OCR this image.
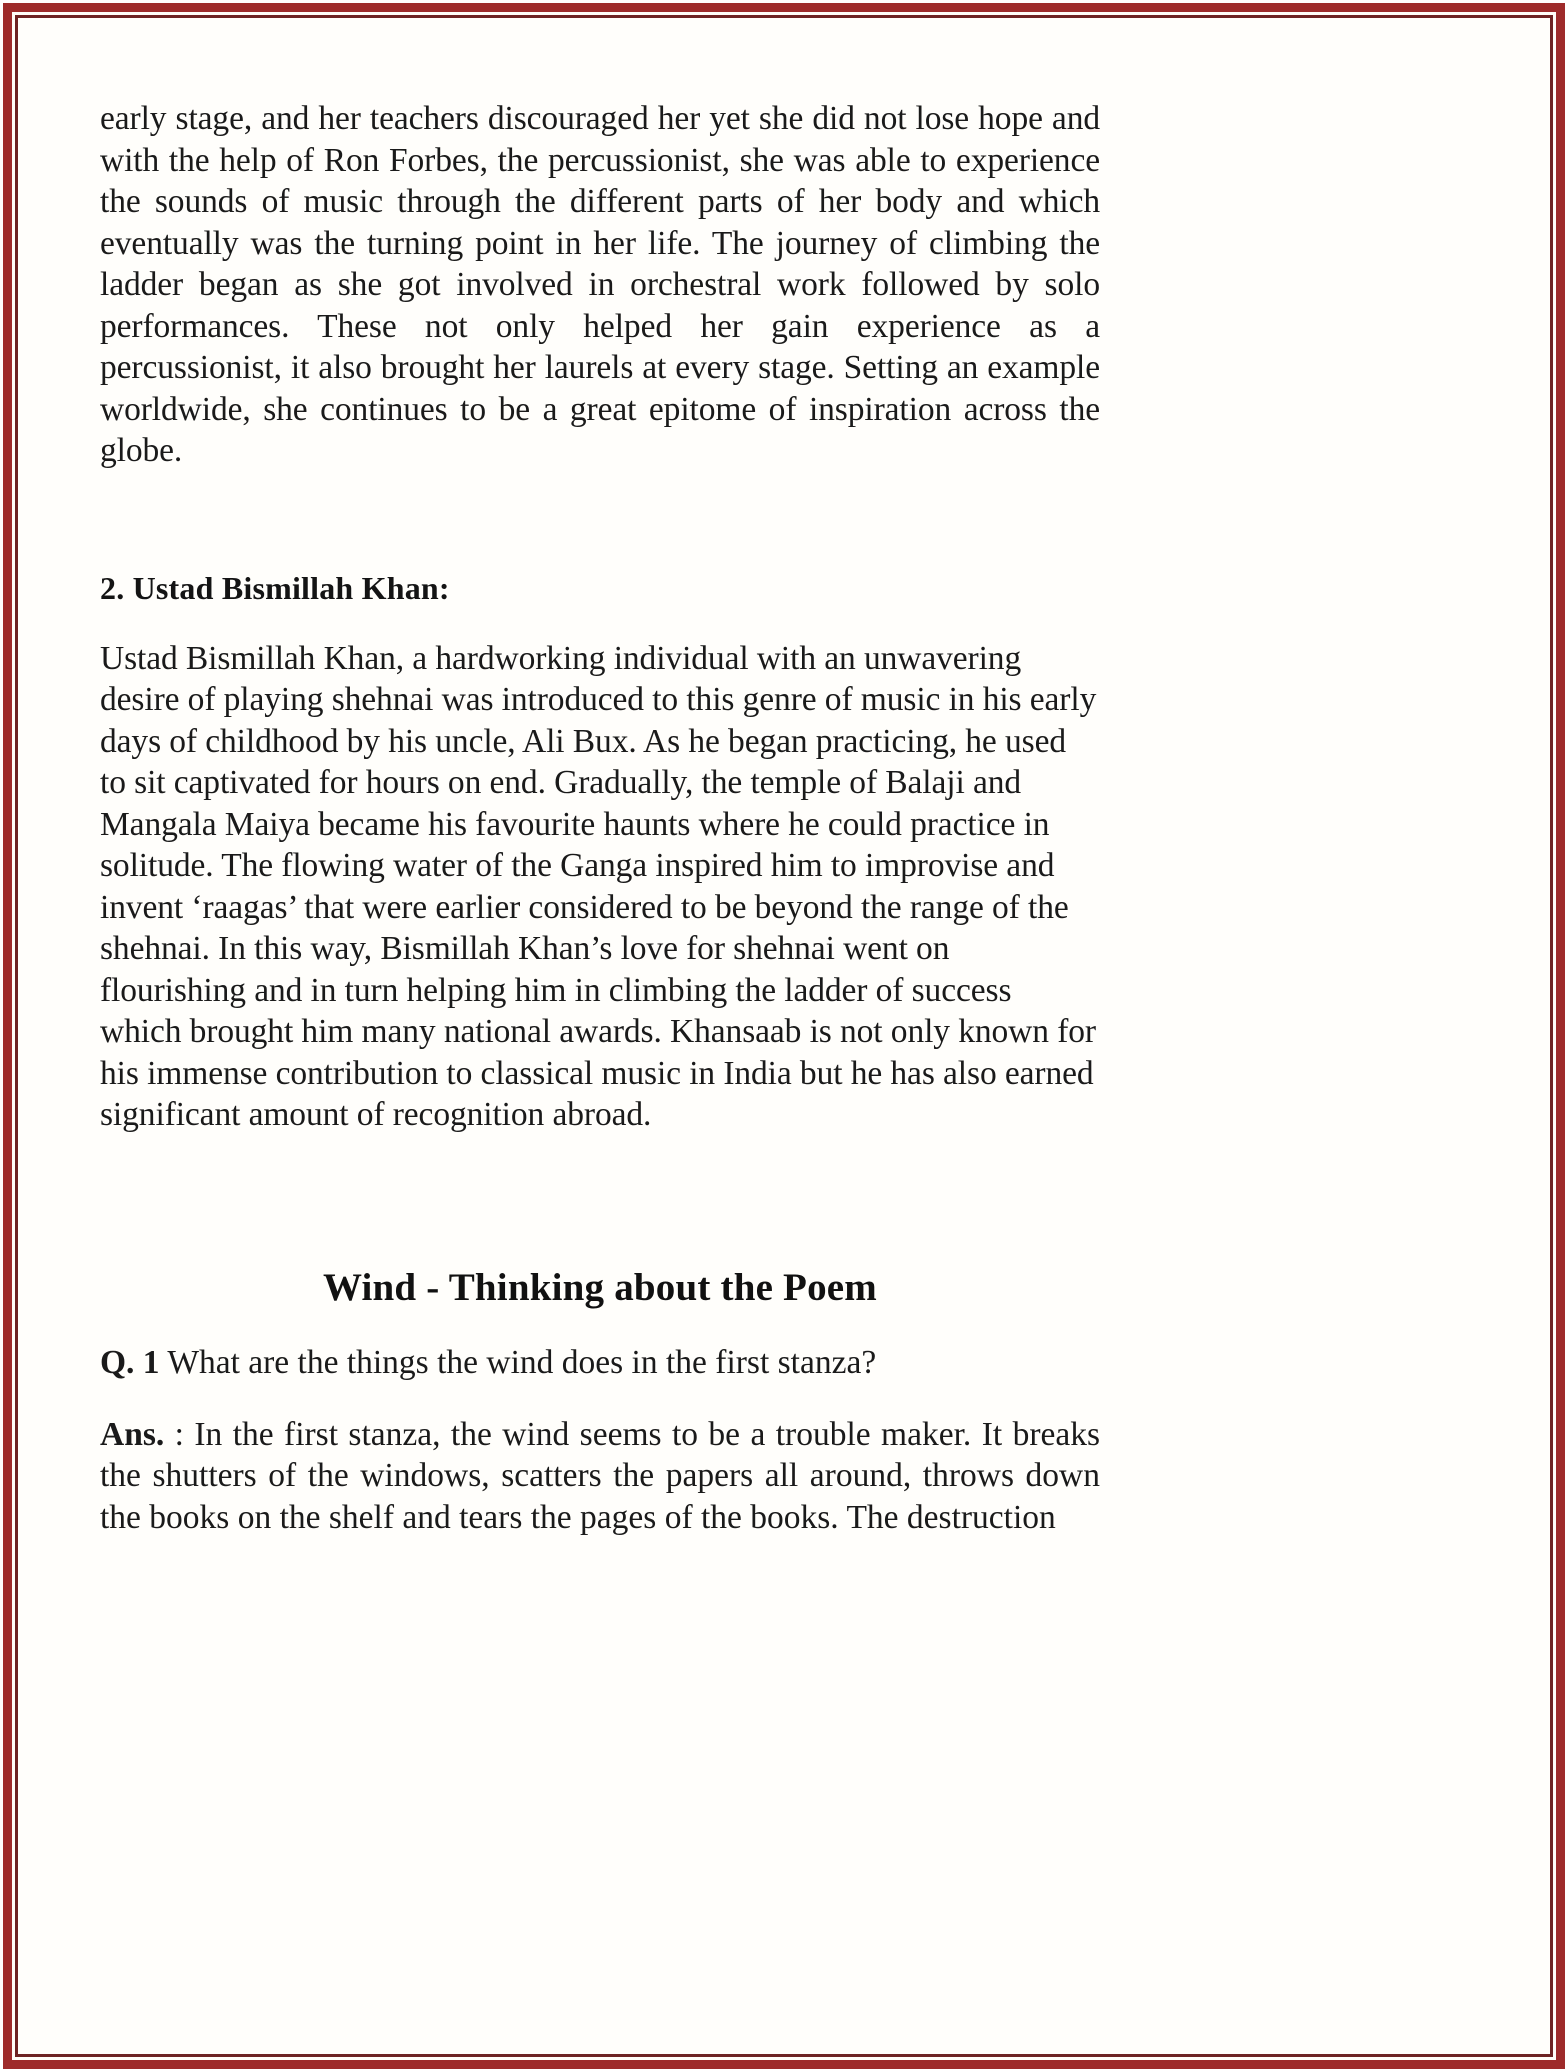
early stage, and her teachers discouraged her yet she did not lose hope and with the help of Ron Forbes, the percussionist, she was able to experience the sounds of music through the different parts of her body and which eventually was the turning point in her life. The journey of climbing the ladder began as she got involved in orchestral work followed by solo performances. These not only helped her gain experience as a percussionist, it also brought her laurels at every stage. Setting an example worldwide, she continues to be a great epitome of inspiration across the globe.

2. Ustad Bismillah Khan:

Ustad Bismillah Khan, a hardworking individual with an unwavering desire of playing shehnai was introduced to this genre of music in his early days of childhood by his uncle, Ali Bux. As he began practicing, he used to sit captivated for hours on end. Gradually, the temple of Balaji and Mangala Maiya became his favourite haunts where he could practice in solitude. The flowing water of the Ganga inspired him to improvise and invent ‘raagas’ that were earlier considered to be beyond the range of the shehnai. In this way, Bismillah Khan’s love for shehnai went on flourishing and in turn helping him in climbing the ladder of success which brought him many national awards. Khansaab is not only known for his immense contribution to classical music in India but he has also earned significant amount of recognition abroad.

Wind - Thinking about the Poem

Q. 1 What are the things the wind does in the first stanza?

Ans. : In the first stanza, the wind seems to be a trouble maker. It breaks the shutters of the windows, scatters the papers all around, throws down the books on the shelf and tears the pages of the books. The destruction
